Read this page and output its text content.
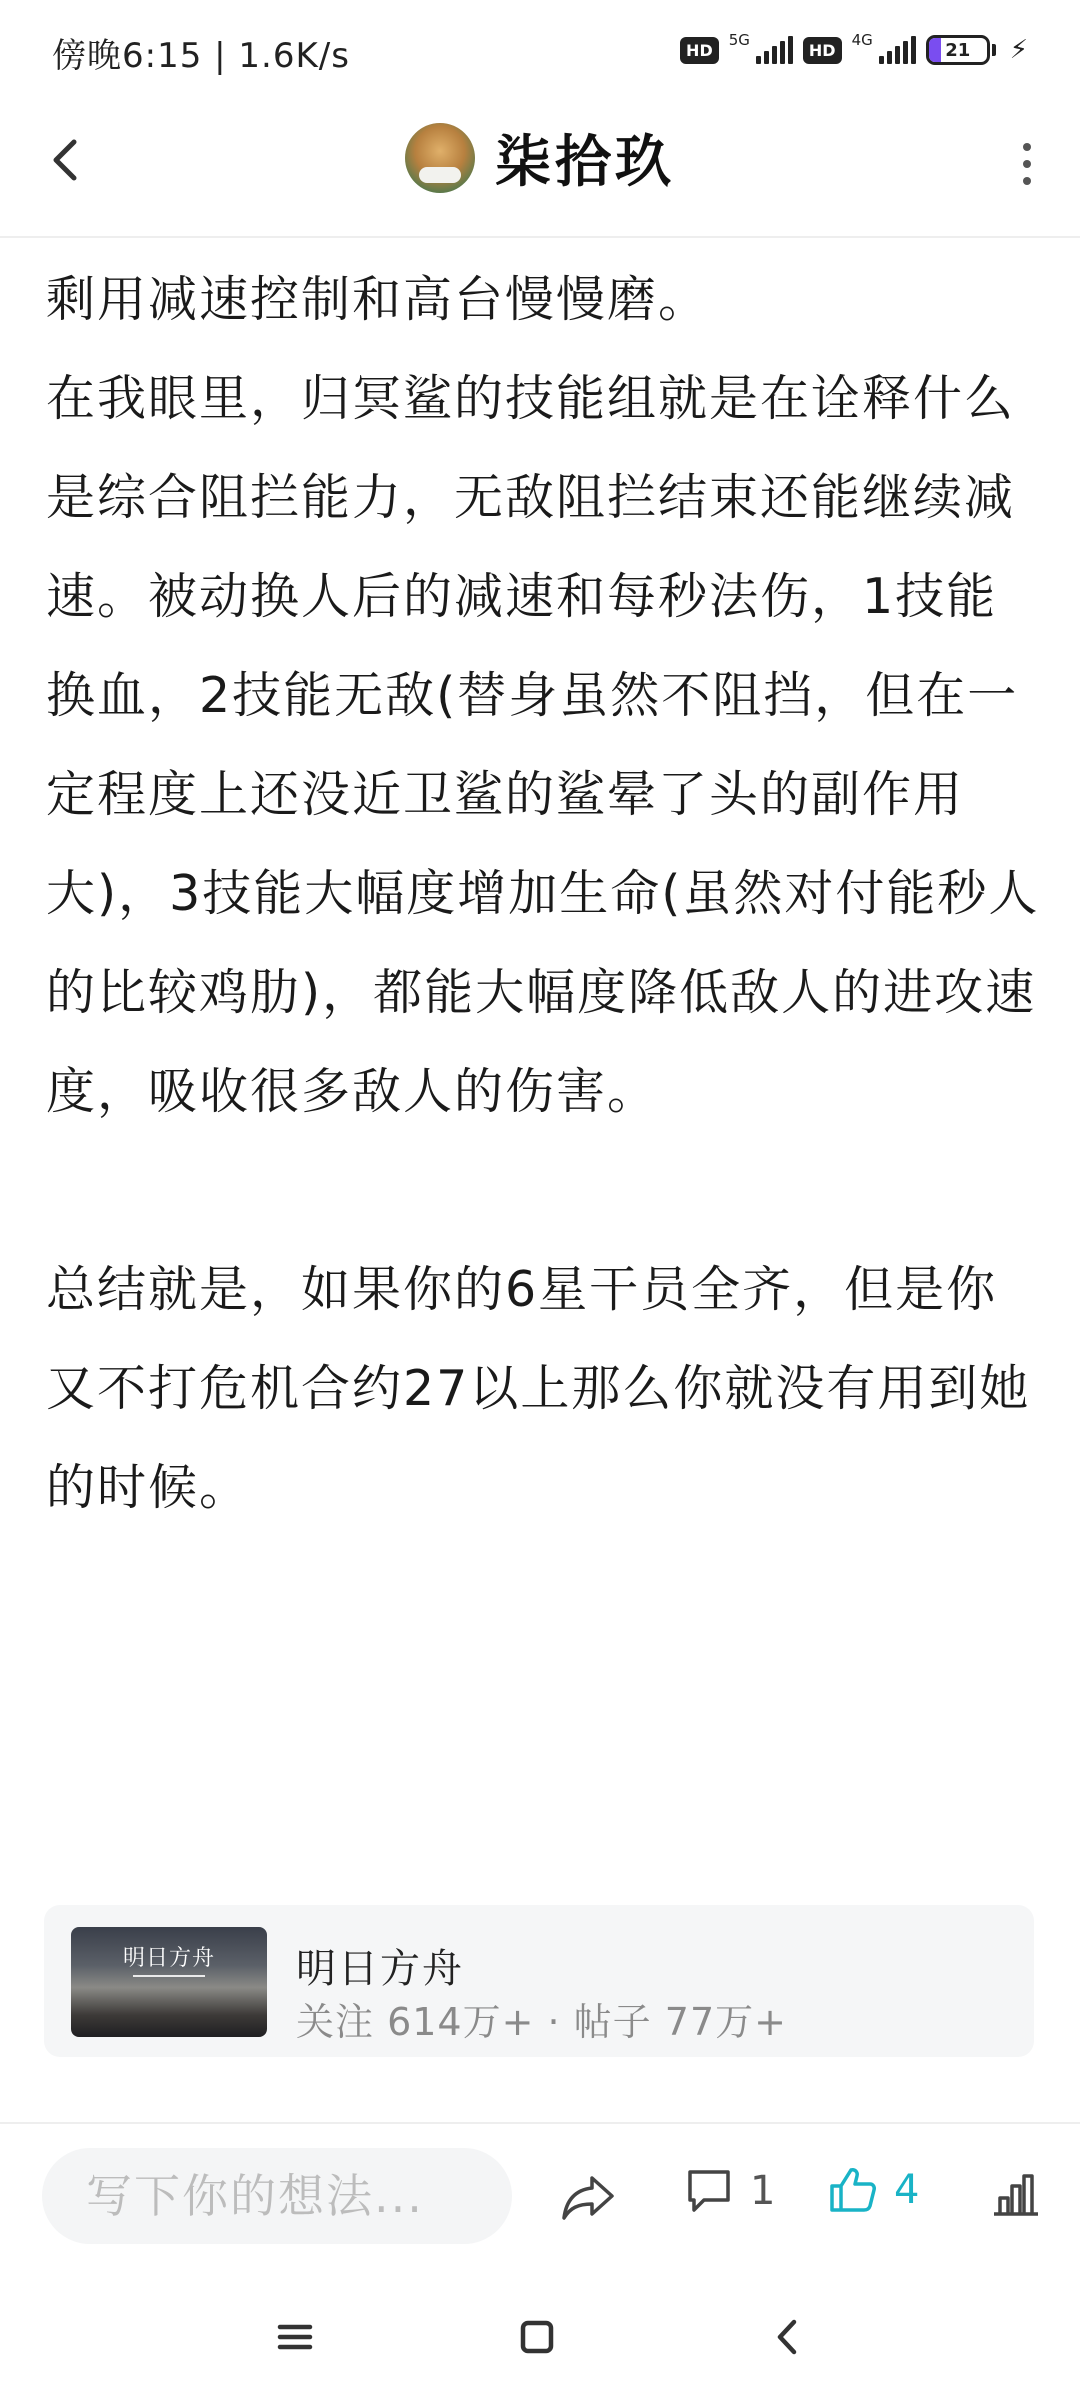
傍晚6:15 | 1.6K/s	HD
5G
HD
4G	21 ⚡
柒拾玖

剩用减速控制和高台慢慢磨。

在我眼里，归冥鲨的技能组就是在诠释什么是综合阻拦能力，无敌阻拦结束还能继续减速。被动换人后的减速和每秒法伤，1技能换血，2技能无敌(替身虽然不阻挡，但在一定程度上还没近卫鲨的鲨晕了头的副作用大)，3技能大幅度增加生命(虽然对付能秒人的比较鸡肋)，都能大幅度降低敌人的进攻速度，吸收很多敌人的伤害。

总结就是，如果你的6星干员全齐，但是你又不打危机合约27以上那么你就没有用到她的时候。

明日方舟	明日方舟
关注 614万+ · 帖子 77万+
写下你的想法...
1	4
